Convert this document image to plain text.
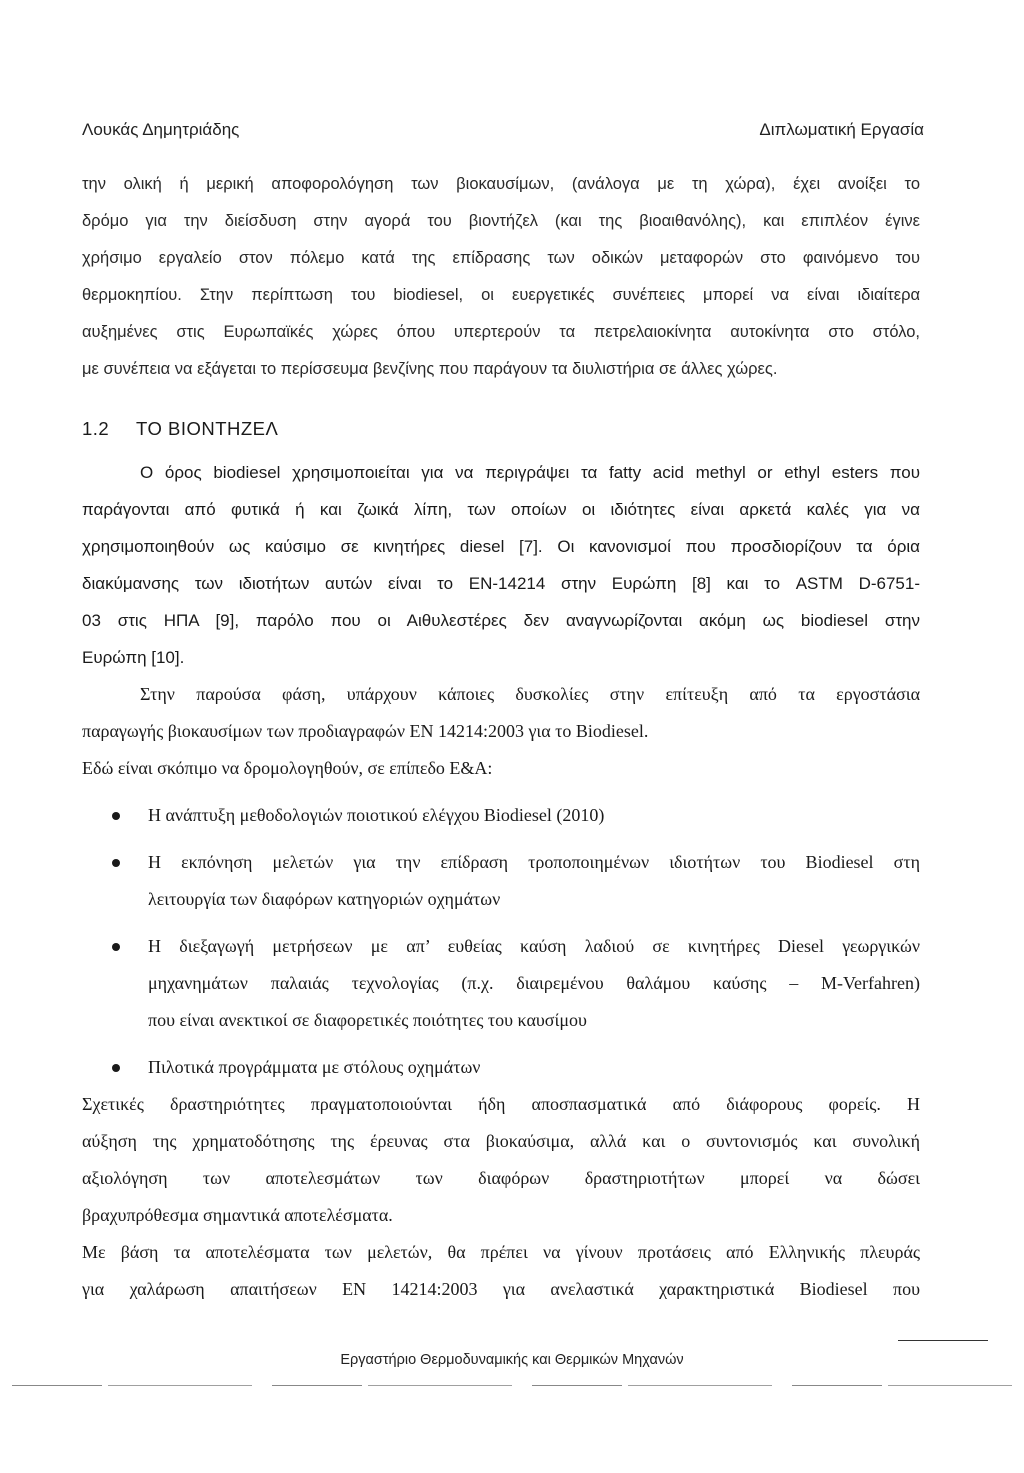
Λουκάς Δημητριάδης	Διπλωματική Εργασία
την ολική ή μερική αποφορολόγηση των βιοκαυσίμων, (ανάλογα με τη χώρα), έχει ανοίξει το
δρόμο για την διείσδυση στην αγορά του βιοντήζελ (και της βιοαιθανόλης), και επιπλέον έγινε
χρήσιμο εργαλείο στον πόλεμο κατά της επίδρασης των οδικών μεταφορών στο φαινόμενο του
θερμοκηπίου. Στην περίπτωση του biodiesel, οι ευεργετικές συνέπειες μπορεί να είναι ιδιαίτερα
αυξημένες στις Ευρωπαϊκές χώρες όπου υπερτερούν τα πετρελαιοκίνητα αυτοκίνητα στο στόλο,
με συνέπεια να εξάγεται το περίσσευμα βενζίνης που παράγουν τα διυλιστήρια σε άλλες χώρες.
1.2 ΤΟ ΒΙΟΝΤΗΖΕΛ
Ο όρος biodiesel χρησιμοποιείται για να περιγράψει τα fatty acid methyl or ethyl esters που
παράγονται από φυτικά ή και ζωικά λίπη, των οποίων οι ιδιότητες είναι αρκετά καλές για να
χρησιμοποιηθούν ως καύσιμο σε κινητήρες diesel [7]. Οι κανονισμοί που προσδιορίζουν τα όρια
διακύμανσης των ιδιοτήτων αυτών είναι το EN-14214 στην Ευρώπη [8] και το ASTM D-6751-
03 στις ΗΠΑ [9], παρόλο που οι Αιθυλεστέρες δεν αναγνωρίζονται ακόμη ως biodiesel στην
Ευρώπη [10].
Στην παρούσα φάση, υπάρχουν κάποιες δυσκολίες στην επίτευξη από τα εργοστάσια
παραγωγής βιοκαυσίμων των προδιαγραφών EN 14214:2003 για το Biodiesel.
Εδώ είναι σκόπιμο να δρομολογηθούν, σε επίπεδο Ε&Α:
Η ανάπτυξη μεθοδολογιών ποιοτικού ελέγχου Biodiesel (2010)
Η εκπόνηση μελετών για την επίδραση τροποποιημένων ιδιοτήτων του Biodiesel στη
λειτουργία των διαφόρων κατηγοριών οχημάτων
Η διεξαγωγή μετρήσεων με απ’ ευθείας καύση λαδιού σε κινητήρες Diesel γεωργικών
μηχανημάτων παλαιάς τεχνολογίας (π.χ. διαιρεμένου θαλάμου καύσης – M-Verfahren)
που είναι ανεκτικοί σε διαφορετικές ποιότητες του καυσίμου
Πιλοτικά προγράμματα με στόλους οχημάτων
Σχετικές δραστηριότητες πραγματοποιούνται ήδη αποσπασματικά από διάφορους φορείς. Η
αύξηση της χρηματοδότησης της έρευνας στα βιοκαύσιμα, αλλά και ο συντονισμός και συνολική
αξιολόγηση των αποτελεσμάτων των διαφόρων δραστηριοτήτων μπορεί να δώσει
βραχυπρόθεσμα σημαντικά αποτελέσματα.
Με βάση τα αποτελέσματα των μελετών, θα πρέπει να γίνουν προτάσεις από Ελληνικής πλευράς
για χαλάρωση απαιτήσεων EN 14214:2003 για ανελαστικά χαρακτηριστικά Biodiesel που
Εργαστήριο Θερμοδυναμικής και Θερμικών Μηχανών
